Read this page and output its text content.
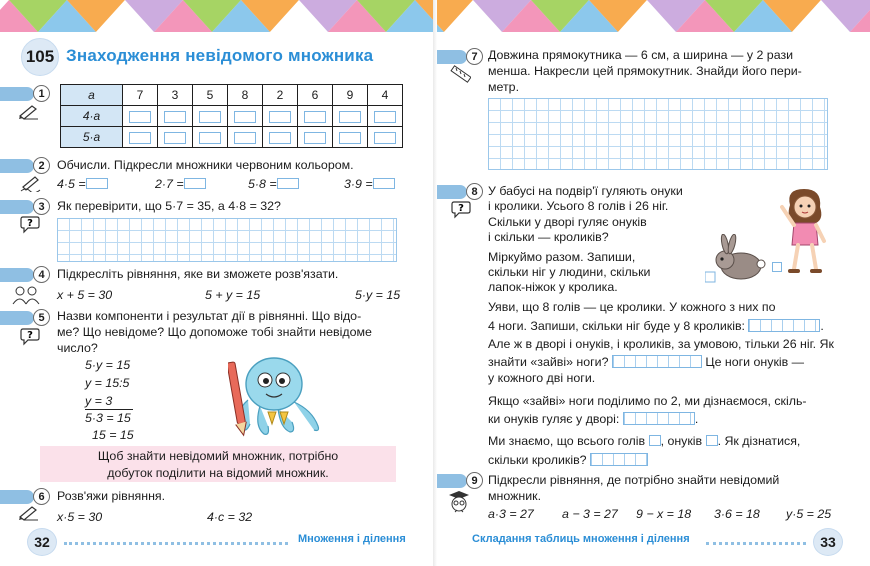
105 Знаходження невідомого множника
1	a	7	3	5	8	2	6	9	4
4·a								
5·a								
2	Обчисли. Підкресли множники червоним кольором.
4·5 =	2·7 =	5·8 =	3·9 =
3	Як перевірити, що 5·7 = 35, а 4·8 = 32?
?
4	Підкресліть рівняння, яке ви зможете розв'язати.
x + 5 = 30	5 + y = 15	5·y = 15
5	Назви компоненти і результат дії в рівнянні. Що відо-
ме? Що невідоме? Що допоможе тобі знайти невідоме
число?
?
5·y = 15
y = 15:5
y = 3
5·3 = 15
15 = 15
Щоб знайти невідомий множник, потрібно
добуток поділити на відомий множник.
6	Розв'яжи рівняння.
x·5 = 30	4·c = 32
32	Множення і ділення
7 Довжина прямокутника — 6 см, а ширина — у 2 рази
менша. Накресли цей прямокутник. Знайди його пери-
метр.
8
?
У бабусі на подвір'ї гуляють онуки
і кролики. Усього 8 голів і 26 ніг.
Скільки у дворі гуляє онуків
і скільки — кроликів?
Міркуймо разом. Запиши,
скільки ніг у людини, скільки
лапок-ніжок у кролика.
Уяви, що 8 голів — це кролики. У кожного з них по
4 ноги. Запиши, скільки ніг буде у 8 кроликів:	.
Але ж в дворі і онуків, і кроликів, за умовою, тільки 26 ніг. Як
знайти «зайві» ноги?	Це ноги онуків —
у кожного дві ноги.
Якщо «зайві» ноги поділимо по 2, ми дізнаємося, скіль-
ки онуків гуляє у дворі:	.
Ми знаємо, що всього голів , онуків . Як дізнатися,
скільки кроликів?
9 Підкресли рівняння, де потрібно знайти невідомий
множник.
a·3 = 27 a − 3 = 27 9 − x = 18 3·6 = 18 y·5 = 25
Складання таблиць множення і ділення	33
